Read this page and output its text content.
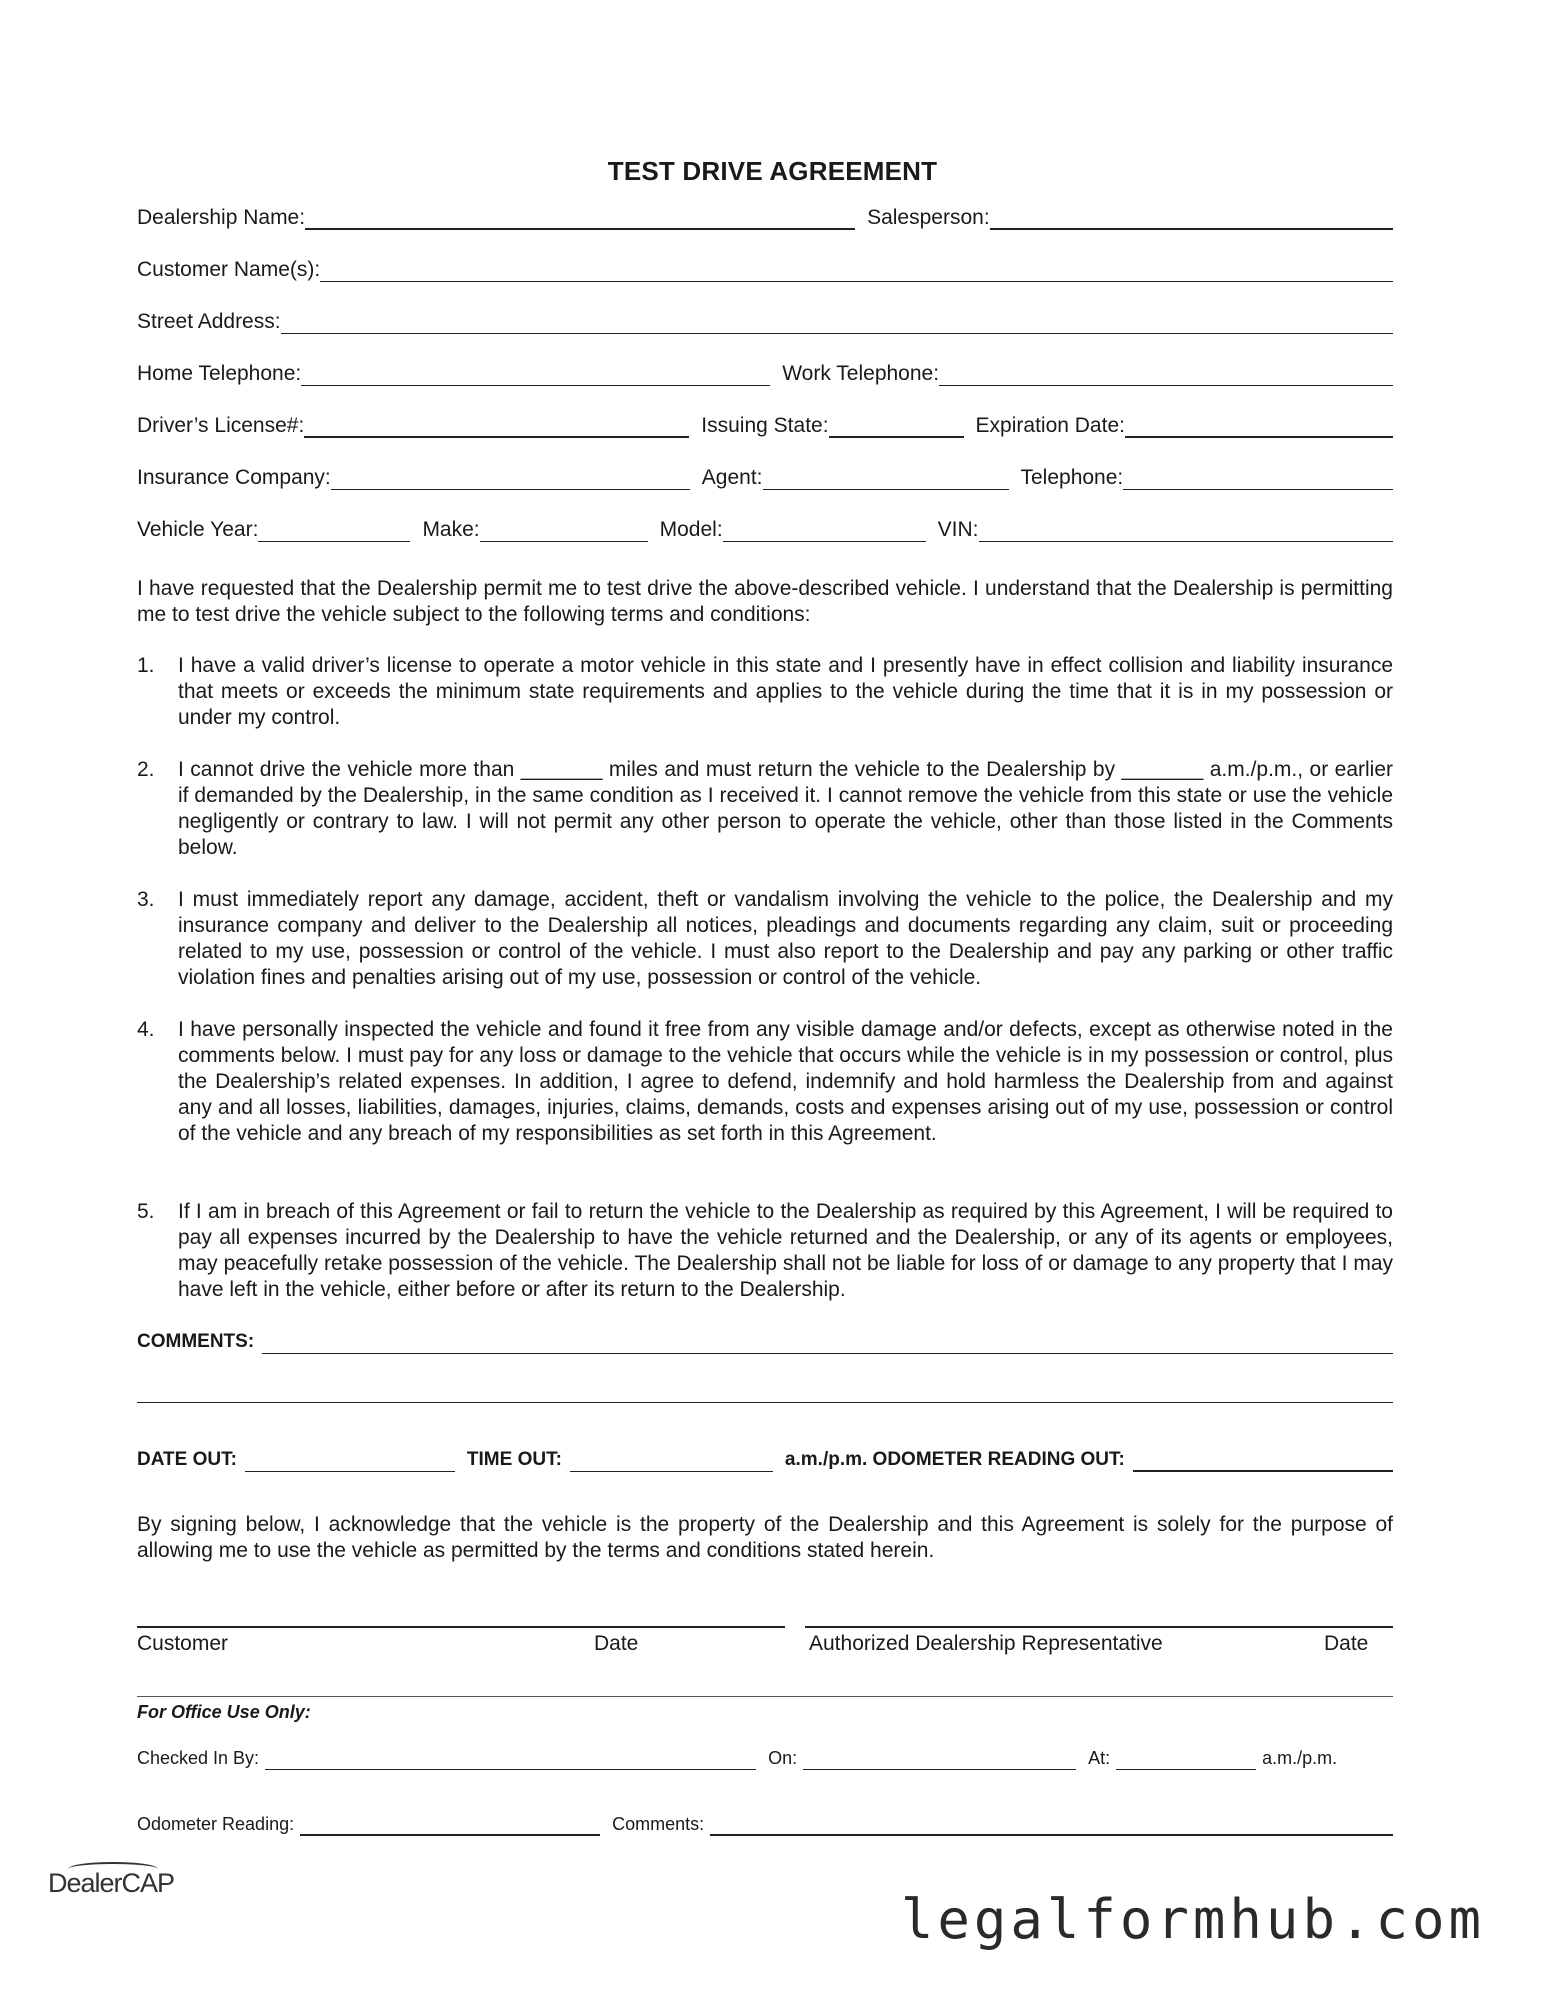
TEST DRIVE AGREEMENT
Dealership Name:	Salesperson:
Customer Name(s):
Street Address:
Home Telephone:	Work Telephone:
Driver’s License#:	Issuing State:	Expiration Date:
Insurance Company:	Agent:	Telephone:
Vehicle Year:	Make:	Model:	VIN:
I have requested that the Dealership permit me to test drive the above-described vehicle. I understand that the Dealership is permitting me to test drive the vehicle subject to the following terms and conditions:
1.	I have a valid driver’s license to operate a motor vehicle in this state and I presently have in effect collision and liability insurance that meets or exceeds the minimum state requirements and applies to the vehicle during the time that it is in my possession or under my control.
2.	I cannot drive the vehicle more than _______ miles and must return the vehicle to the Dealership by _______ a.m./p.m., or earlier if demanded by the Dealership, in the same condition as I received it. I cannot remove the vehicle from this state or use the vehicle negligently or contrary to law. I will not permit any other person to operate the vehicle, other than those listed in the Comments below.
3.	I must immediately report any damage, accident, theft or vandalism involving the vehicle to the police, the Dealership and my insurance company and deliver to the Dealership all notices, pleadings and documents regarding any claim, suit or proceeding related to my use, possession or control of the vehicle. I must also report to the Dealership and pay any parking or other traffic violation fines and penalties arising out of my use, possession or control of the vehicle.
4.	I have personally inspected the vehicle and found it free from any visible damage and/or defects, except as otherwise noted in the comments below. I must pay for any loss or damage to the vehicle that occurs while the vehicle is in my possession or control, plus the Dealership’s related expenses. In addition, I agree to defend, indemnify and hold harmless the Dealership from and against any and all losses, liabilities, damages, injuries, claims, demands, costs and expenses arising out of my use, possession or control of the vehicle and any breach of my responsibilities as set forth in this Agreement.
5.	If I am in breach of this Agreement or fail to return the vehicle to the Dealership as required by this Agreement, I will be required to pay all expenses incurred by the Dealership to have the vehicle returned and the Dealership, or any of its agents or employees, may peacefully retake possession of the vehicle. The Dealership shall not be liable for loss of or damage to any property that I may have left in the vehicle, either before or after its return to the Dealership.
COMMENTS:
DATE OUT:	TIME OUT:	a.m./p.m. ODOMETER READING OUT:
By signing below, I acknowledge that the vehicle is the property of the Dealership and this Agreement is solely for the purpose of allowing me to use the vehicle as permitted by the terms and conditions stated herein.
Customer	Date	Authorized Dealership Representative	Date
For Office Use Only:
Checked In By:	On:	At:	a.m./p.m.
Odometer Reading:	Comments:
DealerCAP
legalformhub.com
